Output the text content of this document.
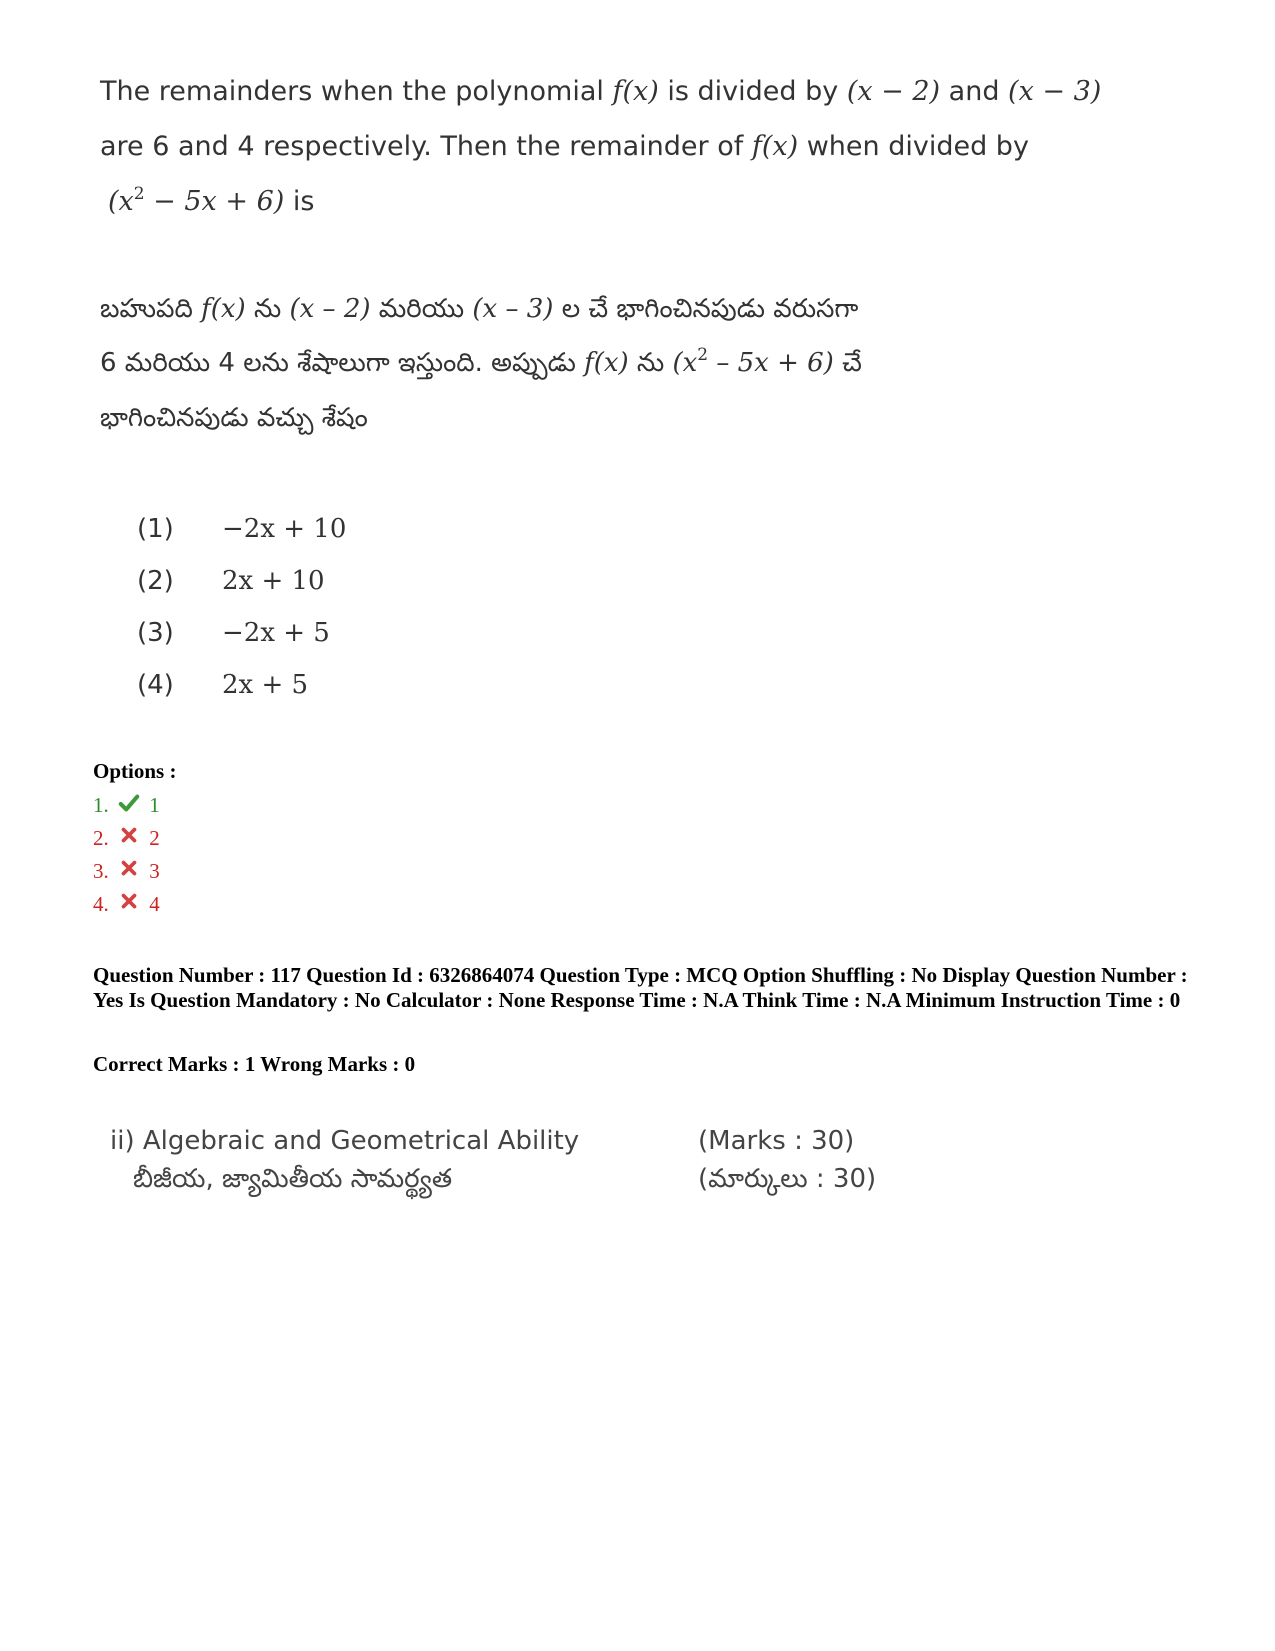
The remainders when the polynomial f(x) is divided by (x − 2) and (x − 3)
are 6 and 4 respectively. Then the remainder of f(x) when divided by
$(x^2 - 5x + 6)$ is
బహుపది f(x) ను (x – 2) మరియు (x – 3) ల చే భాగించినపుడు వరుసగా
6 మరియు 4 లను శేషాలుగా ఇస్తుంది. అప్పుడు f(x) ను $(x^2 - 5x + 6)$ చే
భాగించినపుడు వచ్చు శేషం
(1) −2x + 10
(2) 2x + 10
(3) −2x + 5
(4) 2x + 5
Options :
1. 1
2. 2
3. 3
4. 4
Question Number : 117 Question Id : 6326864074 Question Type : MCQ Option Shuffling : No Display Question Number : Yes Is Question Mandatory : No Calculator : None Response Time : N.A Think Time : N.A Minimum Instruction Time : 0
Correct Marks : 1 Wrong Marks : 0
ii) Algebraic and Geometrical Ability
బీజీయ, జ్యామితీయ సామర్థ్యత
(Marks : 30)
(మార్కులు : 30)
